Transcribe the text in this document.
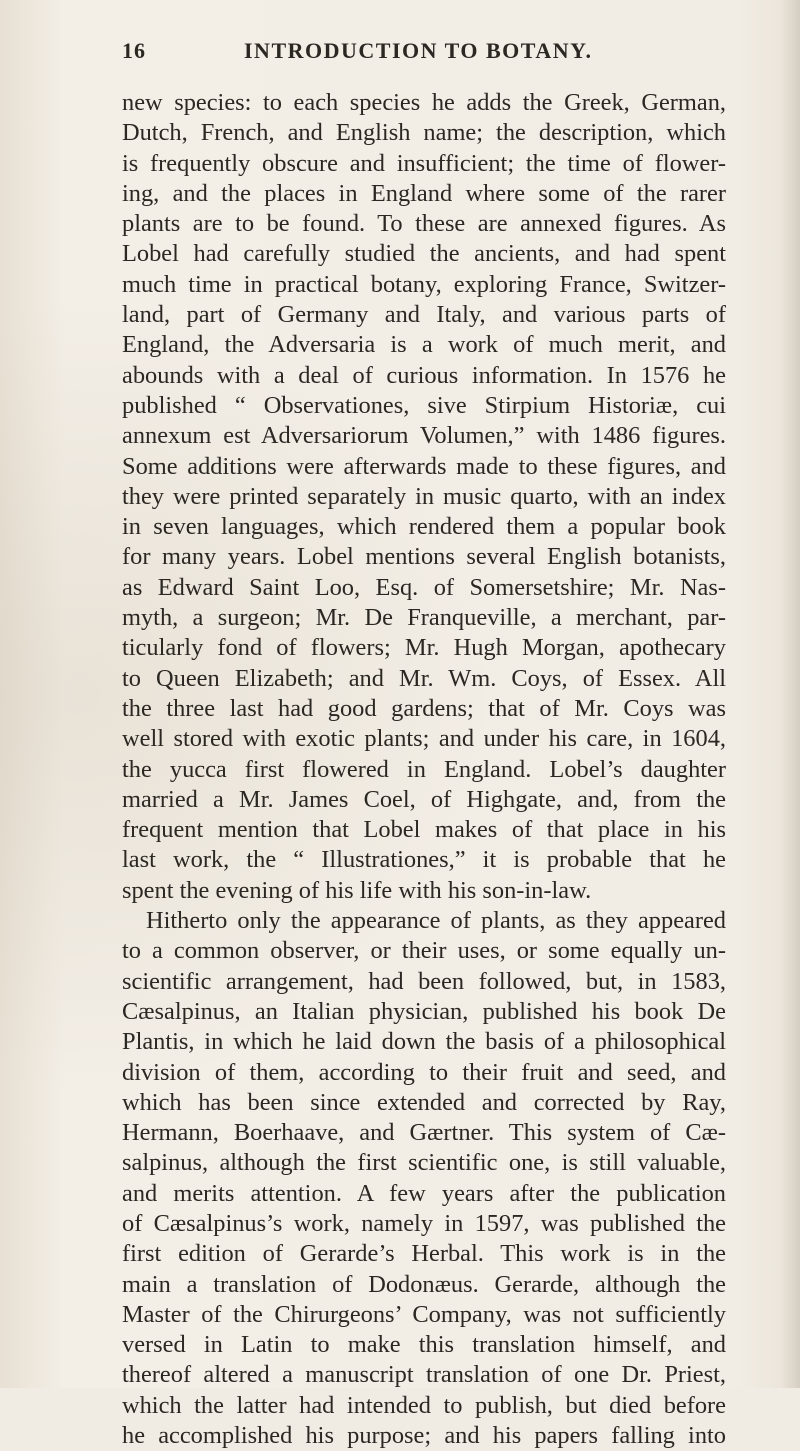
16	INTRODUCTION TO BOTANY.
new species: to each species he adds the Greek, German,
Dutch, French, and English name; the description, which
is frequently obscure and insufficient; the time of flower-
ing, and the places in England where some of the rarer
plants are to be found. To these are annexed figures. As
Lobel had carefully studied the ancients, and had spent
much time in practical botany, exploring France, Switzer-
land, part of Germany and Italy, and various parts of
England, the Adversaria is a work of much merit, and
abounds with a deal of curious information. In 1576 he
published “ Observationes, sive Stirpium Historiæ, cui
annexum est Adversariorum Volumen,” with 1486 figures.
Some additions were afterwards made to these figures, and
they were printed separately in music quarto, with an index
in seven languages, which rendered them a popular book
for many years. Lobel mentions several English botanists,
as Edward Saint Loo, Esq. of Somersetshire; Mr. Nas-
myth, a surgeon; Mr. De Franqueville, a merchant, par-
ticularly fond of flowers; Mr. Hugh Morgan, apothecary
to Queen Elizabeth; and Mr. Wm. Coys, of Essex. All
the three last had good gardens; that of Mr. Coys was
well stored with exotic plants; and under his care, in 1604,
the yucca first flowered in England. Lobel’s daughter
married a Mr. James Coel, of Highgate, and, from the
frequent mention that Lobel makes of that place in his
last work, the “ Illustrationes,” it is probable that he
spent the evening of his life with his son-in-law.
Hitherto only the appearance of plants, as they appeared
to a common observer, or their uses, or some equally un-
scientific arrangement, had been followed, but, in 1583,
Cæsalpinus, an Italian physician, published his book De
Plantis, in which he laid down the basis of a philosophical
division of them, according to their fruit and seed, and
which has been since extended and corrected by Ray,
Hermann, Boerhaave, and Gærtner. This system of Cæ-
salpinus, although the first scientific one, is still valuable,
and merits attention. A few years after the publication
of Cæsalpinus’s work, namely in 1597, was published the
first edition of Gerarde’s Herbal. This work is in the
main a translation of Dodonæus. Gerarde, although the
Master of the Chirurgeons’ Company, was not sufficiently
versed in Latin to make this translation himself, and
thereof altered a manuscript translation of one Dr. Priest,
which the latter had intended to publish, but died before
he accomplished his purpose; and his papers falling into
